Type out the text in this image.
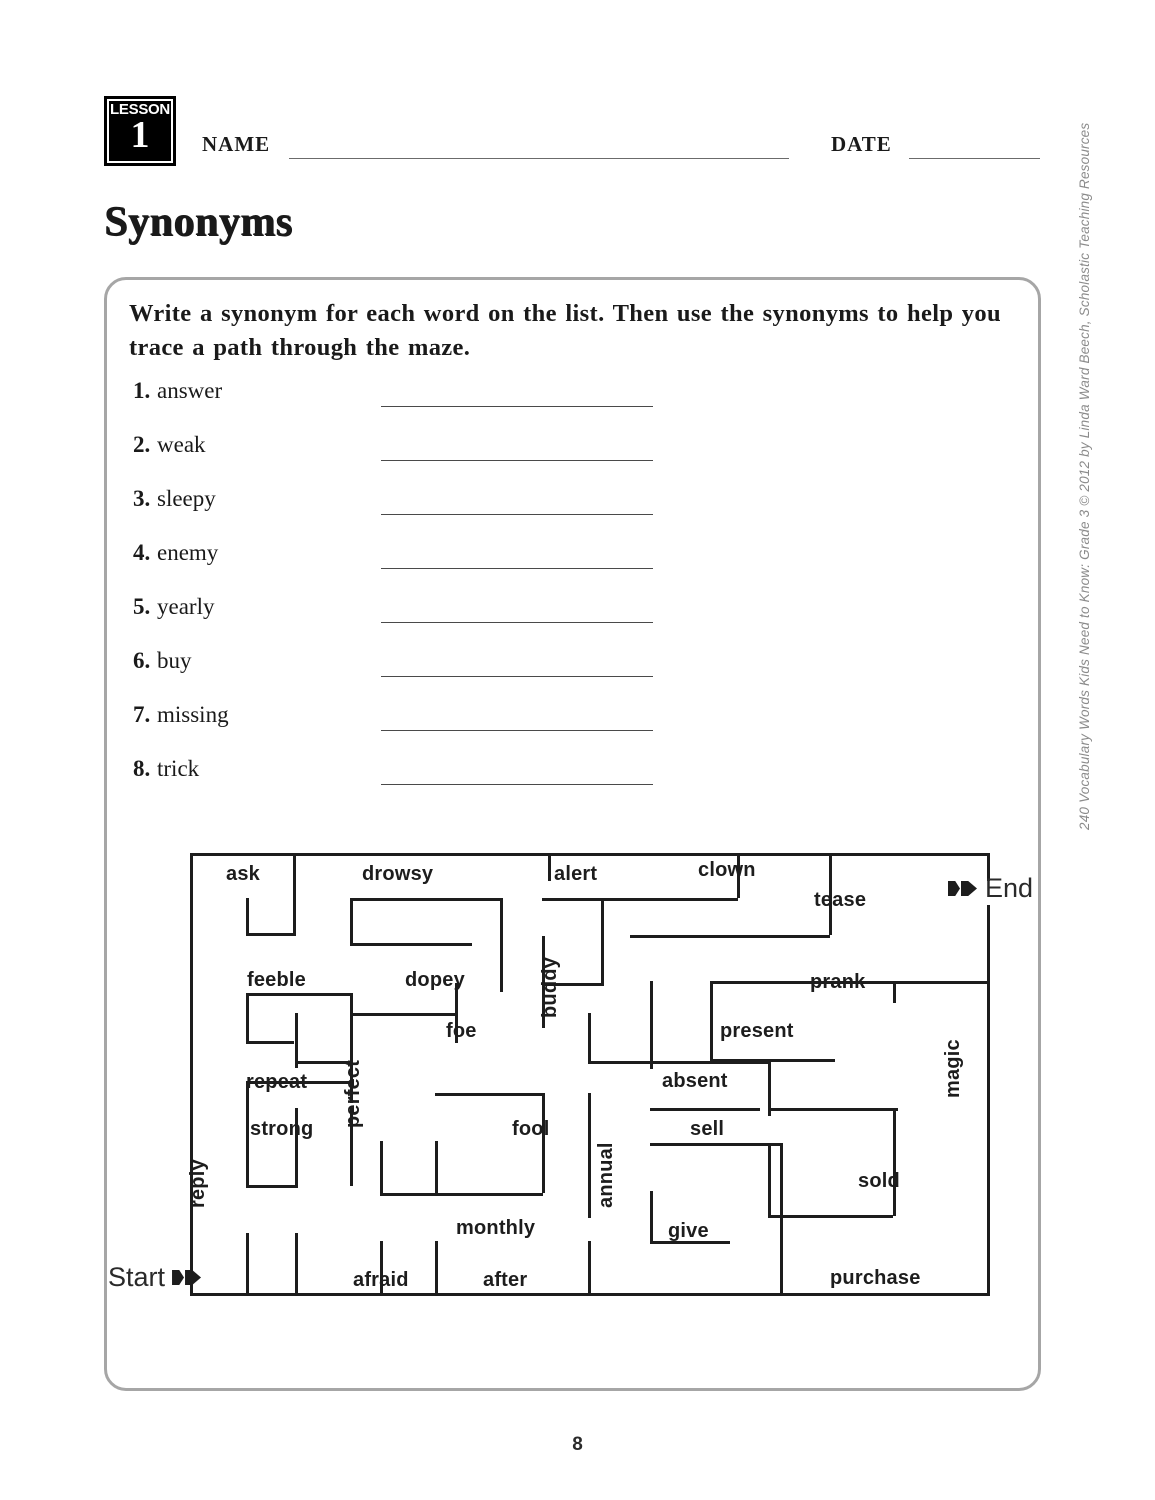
LESSON
1	NAME	DATE
Synonyms
Write a synonym for each word on the list. Then use the synonyms to help you trace a path through the maze.
1. answer
2. weak
3. sleepy
4. enemy
5. yearly
6. buy
7. missing
8. trick
ask	drowsy	alert	clown
tease
feeble	dopey	prank
buddy
foe	present
magic
perfect
repeat	absent
strong	fool	sell
annual
reply	sold
monthly	give
afraid	after	purchase
Start
End
240 Vocabulary Words Kids Need to Know: Grade 3 © 2012 by Linda Ward Beech, Scholastic Teaching Resources
8
